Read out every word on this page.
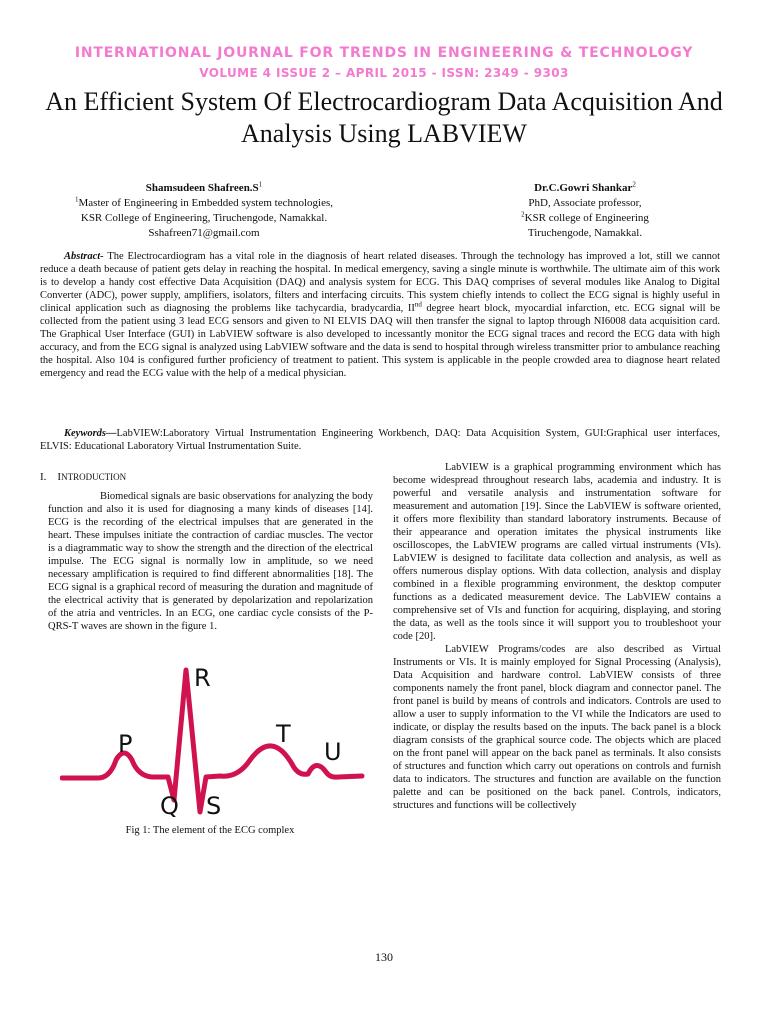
INTERNATIONAL JOURNAL FOR TRENDS IN ENGINEERING & TECHNOLOGY
VOLUME 4 ISSUE 2 – APRIL 2015 - ISSN: 2349 - 9303
An Efficient System Of Electrocardiogram Data Acquisition And Analysis Using LABVIEW
Shamsudeen $Shafreen.S^1$
$^1$Master of Engineering in Embedded system technologies,
KSR College of Engineering, Tiruchengode, Namakkal.
Sshafreen71@gmail.com
Dr.C.Gowri Shankar$^2$
PhD, Associate professor,
$^2$KSR college of Engineering
Tiruchengode, Namakkal.
Abstract- The Electrocardiogram has a vital role in the diagnosis of heart related diseases. Through the technology has improved a lot, still we cannot reduce a death because of patient gets delay in reaching the hospital. In medical emergency, saving a single minute is worthwhile. The ultimate aim of this work is to develop a handy cost effective Data Acquisition (DAQ) and analysis system for ECG. This DAQ comprises of several modules like Analog to Digital Converter (ADC), power supply, amplifiers, isolators, filters and interfacing circuits. This system chiefly intends to collect the ECG signal is highly useful in clinical application such as diagnosing the problems like tachycardia, bradycardia, IInd degree heart block, myocardial infarction, etc. ECG signal will be collected from the patient using 3 lead ECG sensors and given to NI ELVIS DAQ will then transfer the signal to laptop through NI6008 data acquisition card. The Graphical User Interface (GUI) in LabVIEW software is also developed to incessantly monitor the ECG signal traces and record the ECG data with high accuracy, and from the ECG signal is analyzed using LabVIEW software and the data is send to hospital through wireless transmitter prior to ambulance reaching the hospital. Also 104 is configured further proficiency of treatment to patient. This system is applicable in the people crowded area to diagnose heart related emergency and read the ECG value with the help of a medical physician.
Keywords—LabVIEW:Laboratory Virtual Instrumentation Engineering Workbench, DAQ: Data Acquisition System, GUI:Graphical user interfaces, ELVIS: Educational Laboratory Virtual Instrumentation Suite.
I. INTRODUCTION

Biomedical signals are basic observations for analyzing the body function and also it is used for diagnosing a many kinds of diseases [14]. ECG is the recording of the electrical impulses that are generated in the heart. These impulses initiate the contraction of cardiac muscles. The vector is a diagrammatic way to show the strength and the direction of the electrical impulse. The ECG signal is normally low in amplitude, so we need necessary amplification is required to find different abnormalities [18]. The ECG signal is a graphical record of measuring the duration and magnitude of the electrical activity that is generated by depolarization and repolarization of the atria and ventricles. In an ECG, one cardiac cycle consists of the P-QRS-T waves are shown in the figure 1.

R
P	T
U
Q S
Fig 1: The element of the ECG complex

LabVIEW is a graphical programming environment which has become widespread throughout research labs, academia and industry. It is powerful and versatile analysis and instrumentation software for measurement and automation [19]. Since the LabVIEW is software oriented, it offers more flexibility than standard laboratory instruments. Because of their appearance and operation imitates the physical instruments like oscilloscopes, the LabVIEW programs are called virtual instruments (VIs). LabVIEW is designed to facilitate data collection and analysis, as well as offers numerous display options. With data collection, analysis and display combined in a flexible programming environment, the desktop computer functions as a dedicated measurement device. The LabVIEW contains a comprehensive set of VIs and function for acquiring, displaying, and storing the data, as well as the tools since it will support you to troubleshoot your code [20].

LabVIEW Programs/codes are also described as Virtual Instruments or VIs. It is mainly employed for Signal Processing (Analysis), Data Acquisition and hardware control. LabVIEW consists of three components namely the front panel, block diagram and connector panel. The front panel is build by means of controls and indicators. Controls are used to allow a user to supply information to the VI while the Indicators are used to indicate, or display the results based on the inputs. The back panel is a block diagram consists of the graphical source code. The objects which are placed on the front panel will appear on the back panel as terminals. It also consists of structures and function which carry out operations on controls and furnish data to indicators. The structures and function are available on the function palette and can be positioned on the back panel. Controls, indicators, structures and functions will be collectively

130
